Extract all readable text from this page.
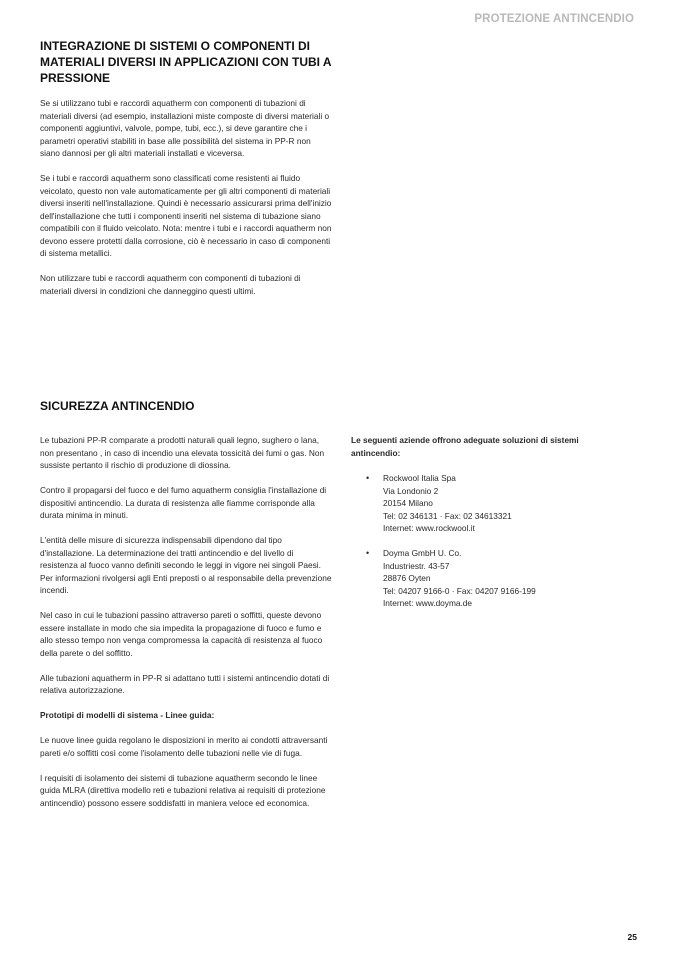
PROTEZIONE ANTINCENDIO
INTEGRAZIONE DI SISTEMI O COMPONENTI DI MATERIALI DIVERSI IN APPLICAZIONI CON TUBI A PRESSIONE

Se si utilizzano tubi e raccordi aquatherm con componenti di tubazioni di materiali diversi (ad esempio, installazioni miste composte di diversi materiali o componenti aggiuntivi, valvole, pompe, tubi, ecc.), si deve garantire che i parametri operativi stabiliti in base alle possibilità del sistema in PP-R non siano dannosi per gli altri materiali installati e viceversa.

Se i tubi e raccordi aquatherm sono classificati come resistenti ai fluido veicolato, questo non vale automaticamente per gli altri componenti di materiali diversi inseriti nell'installazione. Quindi è necessario assicurarsi prima dell'inizio dell'installazione che tutti i componenti inseriti nel sistema di tubazione siano compatibili con il fluido veicolato. Nota: mentre i tubi e i raccordi aquatherm non devono essere protetti dalla corrosione, ciò è necessario in caso di componenti di sistema metallici.

Non utilizzare tubi e raccordi aquatherm con componenti di tubazioni di materiali diversi in condizioni che danneggino questi ultimi.

SICUREZZA ANTINCENDIO

Le tubazioni PP-R comparate a prodotti naturali quali legno, sughero o lana, non presentano , in caso di incendio una elevata tossicità dei fumi o gas. Non sussiste pertanto il rischio di produzione di diossina.

Contro il propagarsi del fuoco e del fumo aquatherm consiglia l'installazione di dispositivi antincendio. La durata di resistenza alle fiamme corrisponde alla durata minima in minuti.

L'entità delle misure di sicurezza indispensabili dipendono dal tipo d'installazione. La determinazione dei tratti antincendio e del livello di resistenza al fuoco vanno definiti secondo le leggi in vigore nei singoli Paesi.

Per informazioni rivolgersi agli Enti preposti o al responsabile della prevenzione incendi.

Nel caso in cui le tubazioni passino attraverso pareti o soffitti, queste devono essere installate in modo che sia impedita la propagazione di fuoco e fumo e allo stesso tempo non venga compromessa la capacità di resistenza al fuoco della parete o del soffitto.

Alle tubazioni aquatherm in PP-R si adattano tutti i sistemi antincendio dotati di relativa autorizzazione.

Prototipi di modelli di sistema - Linee guida:

Le nuove linee guida regolano le disposizioni in merito ai condotti attraversanti pareti e/o soffitti così come l'isolamento delle tubazioni nelle vie di fuga.

I requisiti di isolamento dei sistemi di tubazione aquatherm secondo le linee guida MLRA (direttiva modello reti e tubazioni relativa ai requisiti di protezione antincendio) possono essere soddisfatti in maniera veloce ed economica.

Le seguenti aziende offrono adeguate soluzioni di sistemi antincendio:
• Rockwool Italia Spa
Via Londonio 2
20154 Milano
Tel: 02 346131 · Fax: 02 34613321
Internet: www.rockwool.it
• Doyma GmbH U. Co.
Industriestr. 43-57
28876 Oyten
Tel: 04207 9166-0 · Fax: 04207 9166-199
Internet: www.doyma.de
25
